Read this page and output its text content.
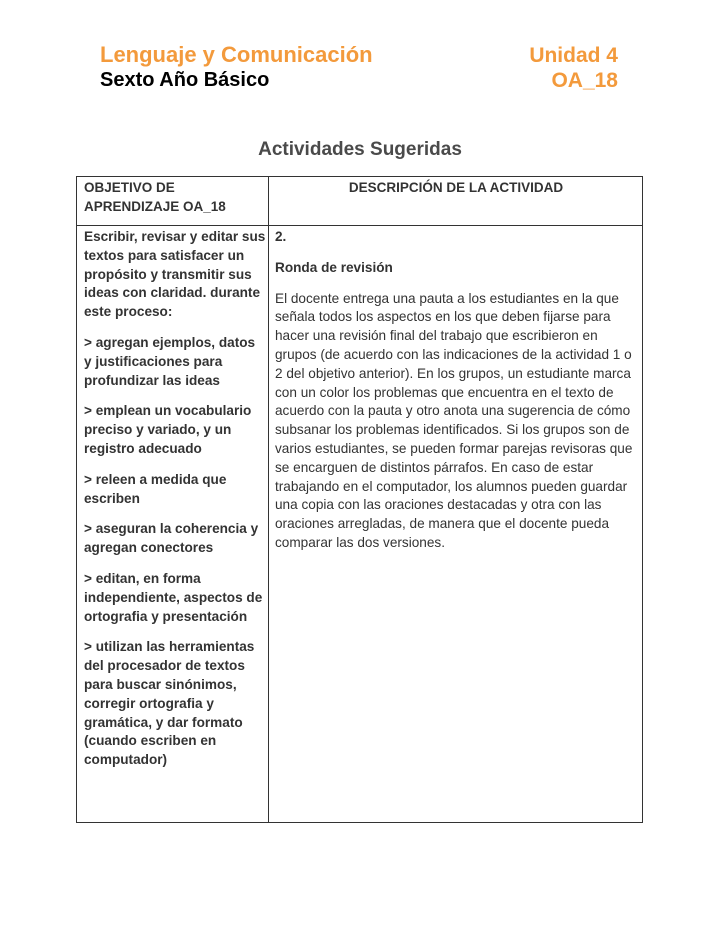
Lenguaje y Comunicación
Sexto Año Básico
Unidad 4
OA_18
Actividades Sugeridas
OBJETIVO DE APRENDIZAJE OA_18
DESCRIPCIÓN DE LA ACTIVIDAD

Escribir, revisar y editar sus textos para satisfacer un propósito y transmitir sus ideas con claridad. durante este proceso:

> agregan ejemplos, datos y justificaciones para profundizar las ideas

> emplean un vocabulario preciso y variado, y un registro adecuado

> releen a medida que escriben

> aseguran la coherencia y agregan conectores

> editan, en forma independiente, aspectos de ortografia y presentación

> utilizan las herramientas del procesador de textos para buscar sinónimos, corregir ortografia y gramática, y dar formato (cuando escriben en computador)

2.

Ronda de revisión

El docente entrega una pauta a los estudiantes en la que señala todos los aspectos en los que deben fijarse para hacer una revisión final del trabajo que escribieron en grupos (de acuerdo con las indicaciones de la actividad 1 o 2 del objetivo anterior). En los grupos, un estudiante marca con un color los problemas que encuentra en el texto de acuerdo con la pauta y otro anota una sugerencia de cómo subsanar los problemas identificados. Si los grupos son de varios estudiantes, se pueden formar parejas revisoras que se encarguen de distintos párrafos. En caso de estar trabajando en el computador, los alumnos pueden guardar una copia con las oraciones destacadas y otra con las oraciones arregladas, de manera que el docente pueda comparar las dos versiones.
